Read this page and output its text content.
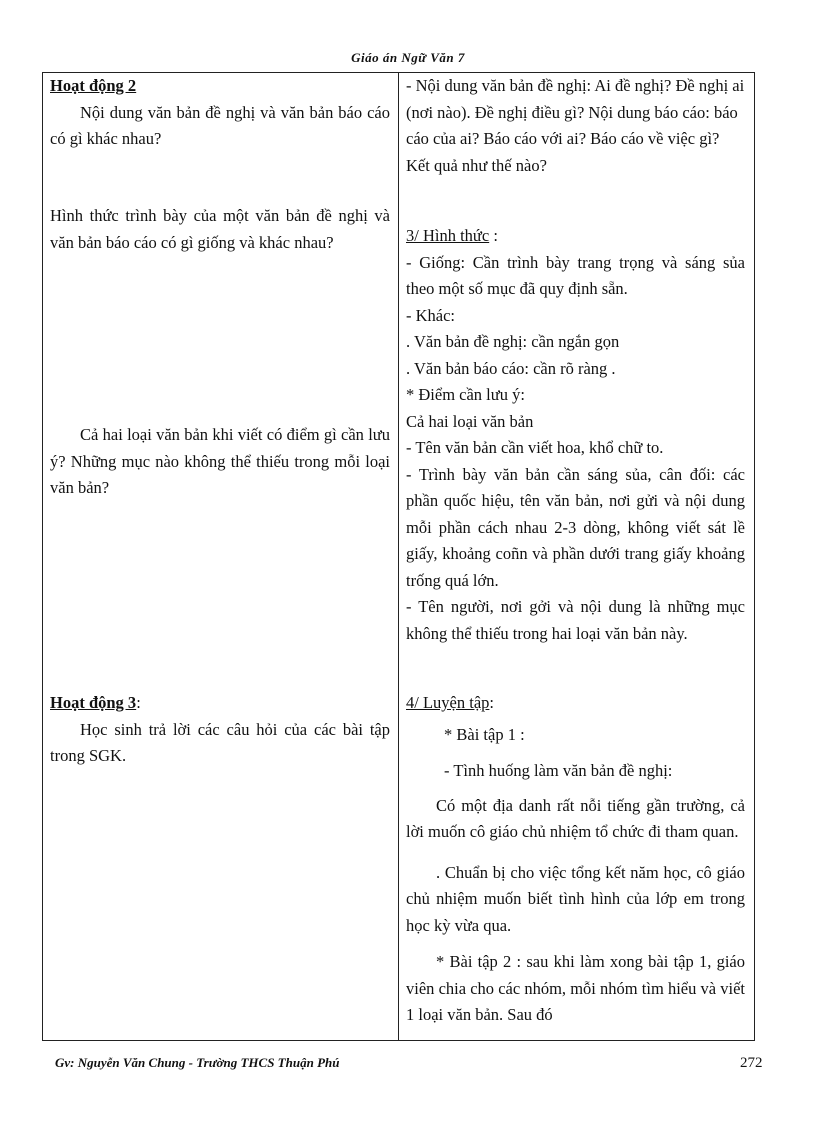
Giáo án Ngữ Văn 7

Hoạt động 2

Nội dung văn bản đề nghị và văn bản báo cáo có gì khác nhau?

Hình thức trình bày của một văn bản đề nghị và văn bản báo cáo có gì giống và khác nhau?
Cả hai loại văn bản khi viết có điểm gì cần lưu ý? Những mục nào không thể thiếu trong mỗi loại văn bản?

Hoạt động 3:

Học sinh trả lời các câu hỏi của các bài tập trong SGK.

- Nội dung văn bản đề nghị: Ai đề nghị? Đề nghị ai (nơi nào). Đề nghị điều gì? Nội dung báo cáo: báo cáo của ai? Báo cáo với ai? Báo cáo về việc gì? Kết quả như thế nào?

3/ Hình thức :

- Giống: Cần trình bày trang trọng và sáng sủa theo một số mục đã quy định sẵn.

- Khác:

. Văn bản đề nghị: cần ngắn gọn

. Văn bản báo cáo: cần rõ ràng .

* Điểm cần lưu ý:

Cả hai loại văn bản

- Tên văn bản cần viết hoa, khổ chữ to.

- Trình bày văn bản cần sáng sủa, cân đối: các phần quốc hiệu, tên văn bản, nơi gửi và nội dung mỗi phần cách nhau 2-3 dòng, không viết sát lề giấy, khoảng coñn và phần dưới trang giấy khoảng trống quá lớn.

- Tên người, nơi gởi và nội dung là những mục không thể thiếu trong hai loại văn bản này.

4/ Luyện tập:

* Bài tập 1 :

- Tình huống làm văn bản đề nghị:

Có một địa danh rất nỗi tiếng gần trường, cả lời muốn cô giáo chủ nhiệm tổ chức đi tham quan.

. Chuẩn bị cho việc tổng kết năm học, cô giáo chủ nhiệm muốn biết tình hình của lớp em trong học kỳ vừa qua.

* Bài tập 2 : sau khi làm xong bài tập 1, giáo viên chia cho các nhóm, mỗi nhóm tìm hiểu và viết 1 loại văn bản. Sau đó

Gv: Nguyễn Văn Chung - Trường THCS Thuận Phú	272
